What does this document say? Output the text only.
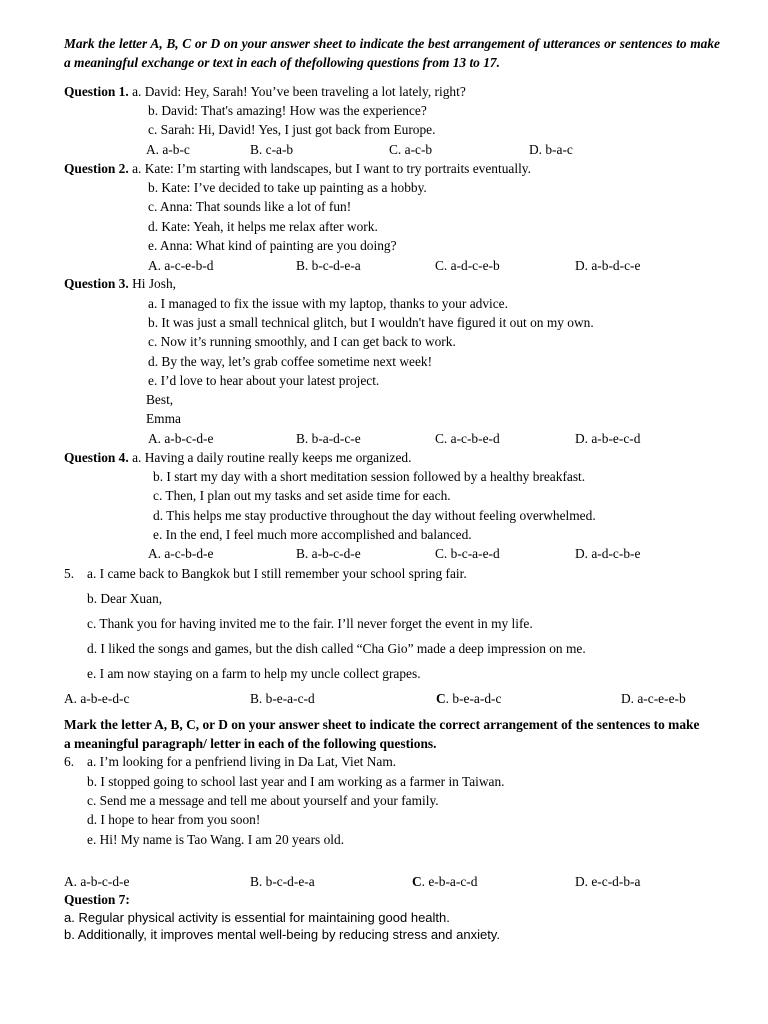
Mark the letter A, B, C or D on your answer sheet to indicate the best arrangement of utterances or sentences to make a meaningful exchange or text in each of thefollowing questions from 13 to 17.
Question 1. a. David: Hey, Sarah! You’ve been traveling a lot lately, right?
b. David: That's amazing! How was the experience?
c. Sarah: Hi, David! Yes, I just got back from Europe.
A. a-b-c	B. c-a-b	C. a-c-b	D. b-a-c
Question 2. a. Kate: I’m starting with landscapes, but I want to try portraits eventually.
b. Kate: I’ve decided to take up painting as a hobby.
c. Anna: That sounds like a lot of fun!
d. Kate: Yeah, it helps me relax after work.
e. Anna: What kind of painting are you doing?
A. a-c-e-b-d	B. b-c-d-e-a	C. a-d-c-e-b	D. a-b-d-c-e
Question 3. Hi Josh,
a. I managed to fix the issue with my laptop, thanks to your advice.
b. It was just a small technical glitch, but I wouldn't have figured it out on my own.
c. Now it’s running smoothly, and I can get back to work.
d. By the way, let’s grab coffee sometime next week!
e. I’d love to hear about your latest project.
Best,
Emma
A. a-b-c-d-e	B. b-a-d-c-e	C. a-c-b-e-d	D. a-b-e-c-d
Question 4. a. Having a daily routine really keeps me organized.
b. I start my day with a short meditation session followed by a healthy breakfast.
c. Then, I plan out my tasks and set aside time for each.
d. This helps me stay productive throughout the day without feeling overwhelmed.
e. In the end, I feel much more accomplished and balanced.
A. a-c-b-d-e	B. a-b-c-d-e	C. b-c-a-e-d	D. a-d-c-b-e
5. a. I came back to Bangkok but I still remember your school spring fair.
b. Dear Xuan,
c. Thank you for having invited me to the fair. I’ll never forget the event in my life.
d. I liked the songs and games, but the dish called “Cha Gio” made a deep impression on me.
e. I am now staying on a farm to help my uncle collect grapes.
A. a-b-e-d-c	B. b-e-a-c-d	C. b-e-a-d-c	D. a-c-e-e-b
Mark the letter A, B, C, or D on your answer sheet to indicate the correct arrangement of the sentences to make a meaningful paragraph/ letter in each of the following questions.
6. a. I’m looking for a penfriend living in Da Lat, Viet Nam.
b. I stopped going to school last year and I am working as a farmer in Taiwan.
c. Send me a message and tell me about yourself and your family.
d. I hope to hear from you soon!
e. Hi! My name is Tao Wang. I am 20 years old.
A. a-b-c-d-e	B. b-c-d-e-a	C. e-b-a-c-d	D. e-c-d-b-a
Question 7:
a. Regular physical activity is essential for maintaining good health.
b. Additionally, it improves mental well-being by reducing stress and anxiety.
